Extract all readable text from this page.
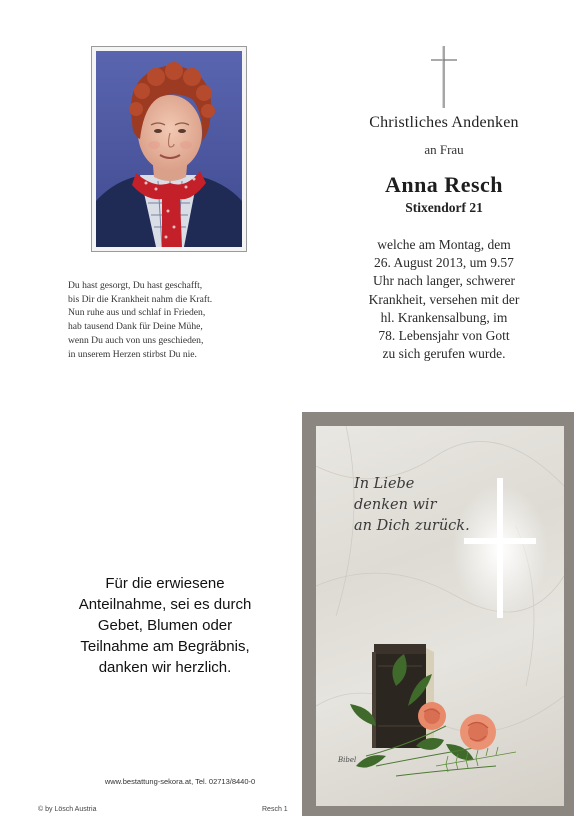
Du hast gesorgt, Du hast geschafft,
bis Dir die Krankheit nahm die Kraft.
Nun ruhe aus und schlaf in Frieden,
hab tausend Dank für Deine Mühe,
wenn Du auch von uns geschieden,
in unserem Herzen stirbst Du nie.
Christliches Andenken
an Frau
Anna Resch
Stixendorf 21
welche am Montag, dem
26. August 2013, um 9.57
Uhr nach langer, schwerer
Krankheit, versehen mit der
hl. Krankensalbung, im
78. Lebensjahr von Gott
zu sich gerufen wurde.
Für die erwiesene
Anteilnahme, sei es durch
Gebet, Blumen oder
Teilnahme am Begräbnis,
danken wir herzlich.
www.bestattung-sekora.at, Tel. 02713/8440-0
© by Lösch Austria	Resch 1
In Liebe
denken wir
an Dich zurück.
Bibel
